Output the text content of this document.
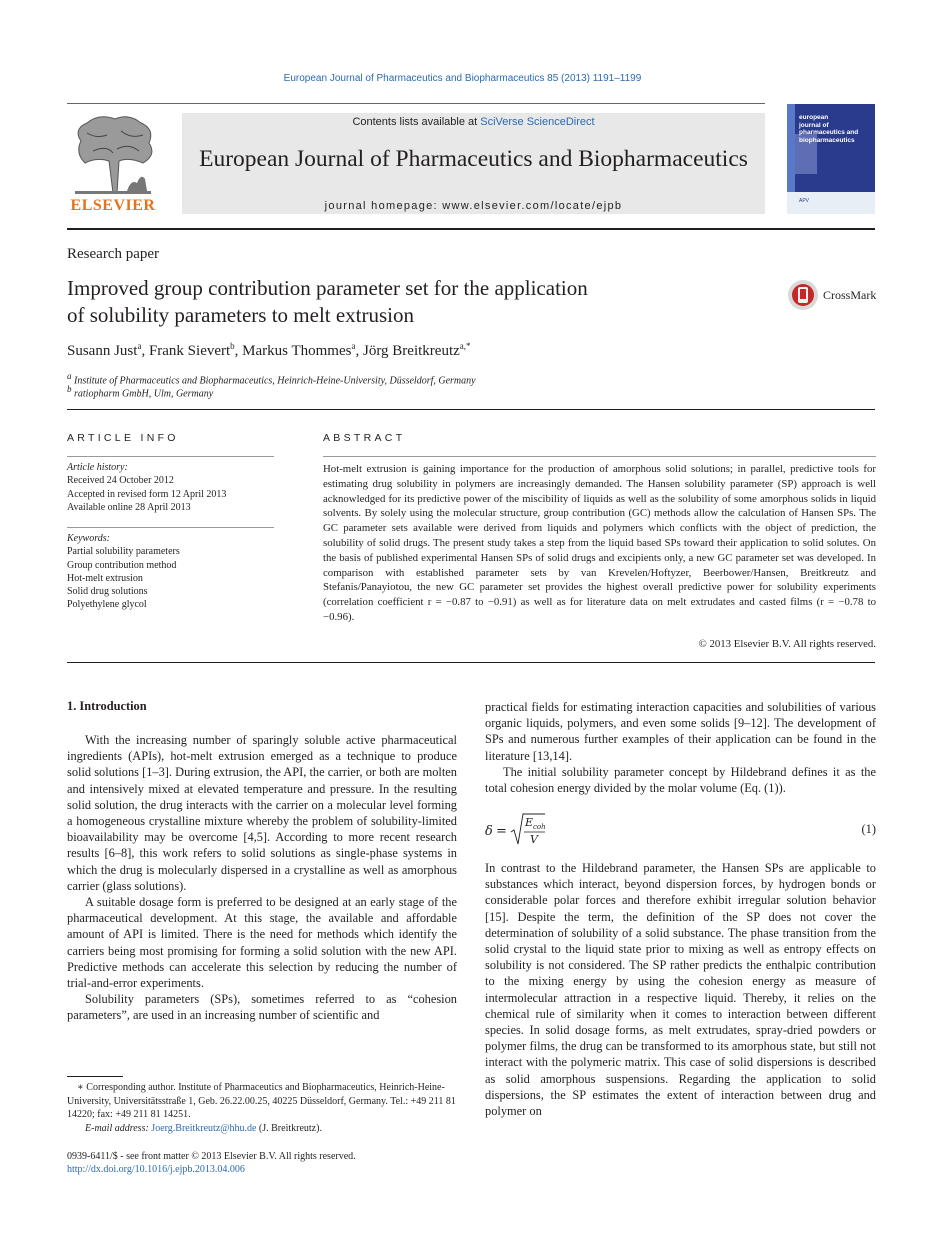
European Journal of Pharmaceutics and Biopharmaceutics 85 (2013) 1191–1199
ELSEVIER
Contents lists available at SciVerse ScienceDirect
European Journal of Pharmaceutics and Biopharmaceutics
journal homepage: www.elsevier.com/locate/ejpb	APV
european
journal of
pharmaceutics and
biopharmaceutics
Research paper
Improved group contribution parameter set for the application
of solubility parameters to melt extrusion
CrossMark
Susann Just$^a$, Frank Sievert$^b$, Markus Thommes$^a$, Jörg Breitkreutz$^{a,*}$
$^a$ Institute of Pharmaceutics and Biopharmaceutics, Heinrich-Heine-University, Düsseldorf, Germany
$^b$ ratiopharm GmbH, Ulm, Germany
ARTICLE INFO
Article history:
Received 24 October 2012
Accepted in revised form 12 April 2013
Available online 28 April 2013
Keywords:
Partial solubility parameters
Group contribution method
Hot-melt extrusion
Solid drug solutions
Polyethylene glycol
ABSTRACT
Hot-melt extrusion is gaining importance for the production of amorphous solid solutions; in parallel, predictive tools for estimating drug solubility in polymers are increasingly demanded. The Hansen solubility parameter (SP) approach is well acknowledged for its predictive power of the miscibility of liquids as well as the solubility of some amorphous solids in liquid solvents. By solely using the molecular structure, group contribution (GC) methods allow the calculation of Hansen SPs. The GC parameter sets available were derived from liquids and polymers which conflicts with the object of prediction, the solubility of solid drugs. The present study takes a step from the liquid based SPs toward their application to solid solutes. On the basis of published experimental Hansen SPs of solid drugs and excipients only, a new GC parameter set was developed. In comparison with established parameter sets by van Krevelen/Hoftyzer, Beerbower/Hansen, Breitkreutz and Stefanis/Panayiotou, the new GC parameter set provides the highest overall predictive power for solubility experiments (correlation coefficient r = −0.87 to −0.91) as well as for literature data on melt extrudates and casted films (r = −0.78 to −0.96).
© 2013 Elsevier B.V. All rights reserved.
1. Introduction

With the increasing number of sparingly soluble active pharmaceutical ingredients (APIs), hot-melt extrusion emerged as a technique to produce solid solutions [1–3]. During extrusion, the API, the carrier, or both are molten and intensively mixed at elevated temperature and pressure. In the resulting solid solution, the drug interacts with the carrier on a molecular level forming a homogeneous crystalline mixture whereby the problem of solubility-limited bioavailability may be overcome [4,5]. According to more recent research results [6–8], this work refers to solid solutions as single-phase systems in which the drug is molecularly dispersed in a crystalline as well as amorphous carrier (glass solutions).

A suitable dosage form is preferred to be designed at an early stage of the pharmaceutical development. At this stage, the available and affordable amount of API is limited. There is the need for methods which identify the carriers being most promising for forming a solid solution with the new API. Predictive methods can accelerate this selection by reducing the number of trial-and-error experiments.

Solubility parameters (SPs), sometimes referred to as “cohesion parameters”, are used in an increasing number of scientific and

∗ Corresponding author. Institute of Pharmaceutics and Biopharmaceutics, Heinrich-Heine-University, Universitätsstraße 1, Geb. 26.22.00.25, 40225 Düsseldorf, Germany. Tel.: +49 211 81 14220; fax: +49 211 81 14251.
E-mail address: Joerg.Breitkreutz@hhu.de (J. Breitkreutz).
0939-6411/$ - see front matter © 2013 Elsevier B.V. All rights reserved.
http://dx.doi.org/10.1016/j.ejpb.2013.04.006

practical fields for estimating interaction capacities and solubilities of various organic liquids, polymers, and even some solids [9–12]. The development of SPs and numerous further examples of their application can be found in the literature [13,14].

The initial solubility parameter concept by Hildebrand defines it as the total cohesion energy divided by the molar volume (Eq. (1)).

δ =
E coh
V
(1)

In contrast to the Hildebrand parameter, the Hansen SPs are applicable to substances which interact, beyond dispersion forces, by hydrogen bonds or considerable polar forces and therefore exhibit irregular solution behavior [15]. Despite the term, the definition of the SP does not cover the determination of solubility of a solid substance. The phase transition from the solid crystal to the liquid state prior to mixing as well as entropy effects on solubility is not considered. The SP rather predicts the enthalpic contribution to the mixing energy by using the cohesion energy as measure of intermolecular attraction in a respective liquid. Thereby, it relies on the chemical rule of similarity when it comes to interaction between different species. In solid dosage forms, as melt extrudates, spray-dried powders or polymer films, the drug can be transformed to its amorphous state, but still not interact with the polymeric matrix. This case of solid dispersions is described as solid amorphous suspensions. Regarding the application to solid dispersions, the SP estimates the extent of interaction between drug and polymer on
